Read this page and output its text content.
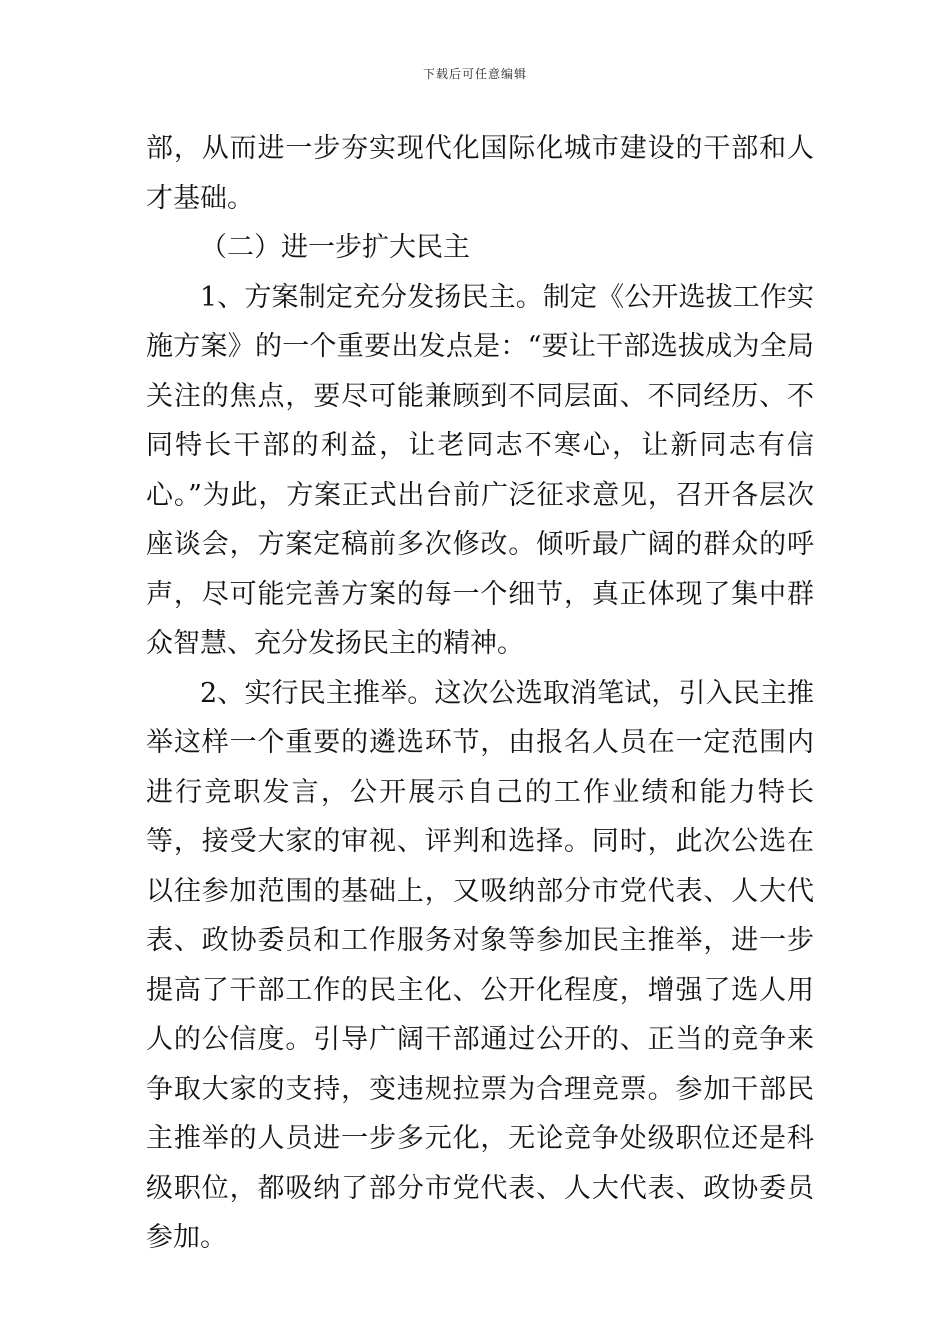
下载后可任意编辑

部，从而进一步夯实现代化国际化城市建设的干部和人才基础。

（二）进一步扩大民主

1、方案制定充分发扬民主。制定《公开选拔工作实施方案》的一个重要出发点是：“要让干部选拔成为全局关注的焦点，要尽可能兼顾到不同层面、不同经历、不同特长干部的利益，让老同志不寒心，让新同志有信心。”为此，方案正式出台前广泛征求意见，召开各层次座谈会，方案定稿前多次修改。倾听最广阔的群众的呼声，尽可能完善方案的每一个细节，真正体现了集中群众智慧、充分发扬民主的精神。

2、实行民主推举。这次公选取消笔试，引入民主推举这样一个重要的遴选环节，由报名人员在一定范围内进行竞职发言，公开展示自己的工作业绩和能力特长等，接受大家的审视、评判和选择。同时，此次公选在以往参加范围的基础上，又吸纳部分市党代表、人大代表、政协委员和工作服务对象等参加民主推举，进一步提高了干部工作的民主化、公开化程度，增强了选人用人的公信度。引导广阔干部通过公开的、正当的竞争来争取大家的支持，变违规拉票为合理竞票。参加干部民主推举的人员进一步多元化，无论竞争处级职位还是科级职位，都吸纳了部分市党代表、人大代表、政协委员参加。
